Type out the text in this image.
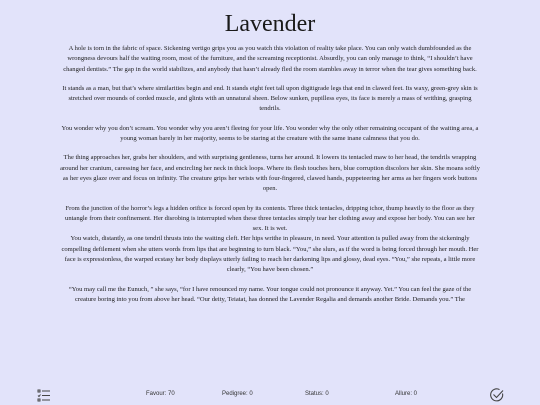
Lavender

A hole is torn in the fabric of space. Sickening vertigo grips you as you watch this violation of reality take place. You can only watch dumbfounded as the wrongness devours half the waiting room, most of the furniture, and the screaming receptionist. Absurdly, you can only manage to think, “I shouldn’t have changed dentists.” The gap in the world stabilizes, and anybody that hasn’t already fled the room stambles away in terror when the tear gives something back.

It stands as a man, but that’s where similarities begin and end. It stands eight feet tall upon digitigrade legs that end in clawed feet. Its waxy, green-grey skin is stretched over mounds of corded muscle, and glints with an unnatural sheen. Below sunken, pupilless eyes, its face is merely a mass of writhing, grasping tendrils.

You wonder why you don’t scream. You wonder why you aren’t fleeing for your life. You wonder why the only other remaining occupant of the waiting area, a young woman barely in her majority, seems to be staring at the creature with the same inane calmness that you do.

The thing approaches her, grabs her shoulders, and with surprising gentleness, turns her around. It lowers its tentacled maw to her head, the tendrils wrapping around her cranium, caressing her face, and encircling her neck in thick loops. Where its flesh touches hers, blue corruption discolors her skin. She moans softly as her eyes glaze over and focus on infinity. The creature grips her wrists with four-fingered, clawed hands, puppeteering her arms as her fingers work buttons open.

From the junction of the horror’s legs a hidden orifice is forced open by its contents. Three thick tentacles, dripping ichor, thump heavily to the floor as they untangle from their confinement. Her disrobing is interrupted when these three tentacles simply tear her clothing away and expose her body. You can see her sex. It is wet.

You watch, distantly, as one tendril thrusts into the waiting cleft. Her hips writhe in pleasure, in need. Your attention is pulled away from the sickeningly compelling defilement when she utters words from lips that are beginning to turn black. “You,” she slurs, as if the word is being forced through her mouth. Her face is expressionless, the warped ecstasy her body displays utterly failing to reach her darkening lips and glossy, dead eyes. “You,” she repeats, a little more clearly, “You have been chosen.”

“You may call me the Eunuch, ” she says, “for I have renounced my name. Your tongue could not pronounce it anyway. Yet.” You can feel the gaze of the creature boring into you from above her head. “Our deity, Teiatat, has donned the Lavender Regalia and demands another Bride. Demands you.” The

Favour: 70	Pedigree: 0	Status: 0	Allure: 0
